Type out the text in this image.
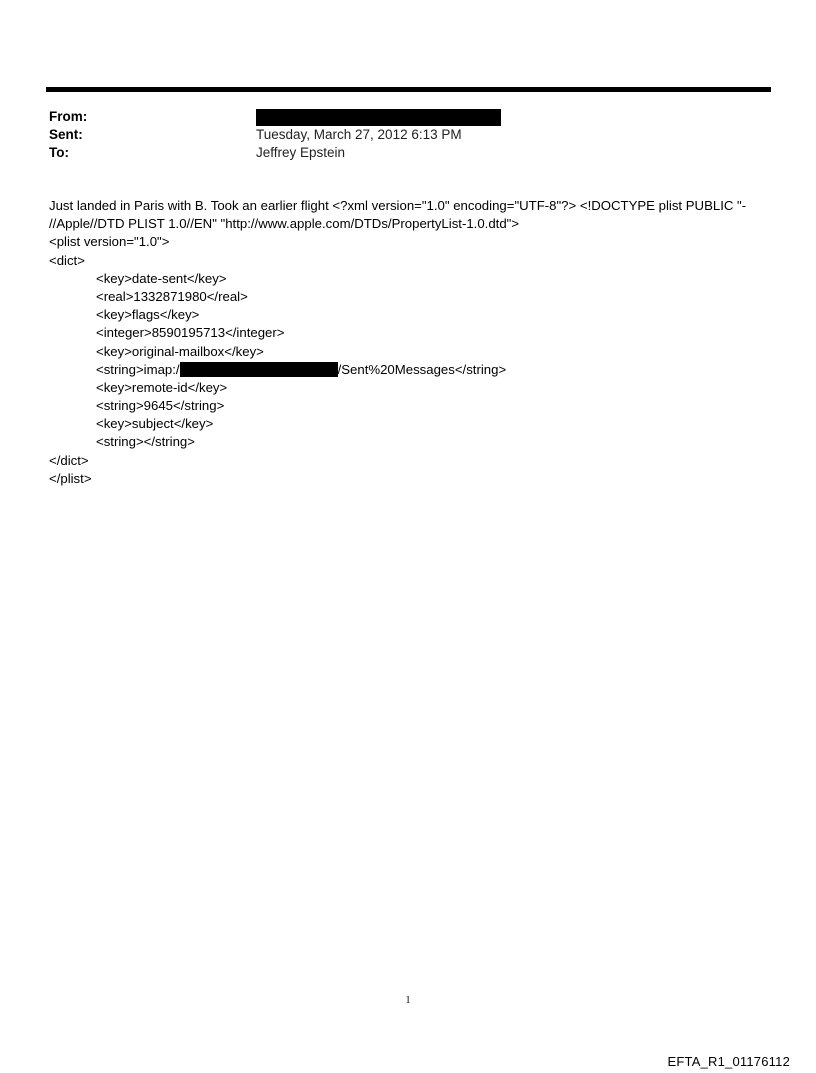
From:
Sent:	Tuesday, March 27, 2012 6:13 PM
To:	Jeffrey Epstein
Just landed in Paris with B. Took an earlier flight <?xml version="1.0" encoding="UTF-8"?> <!DOCTYPE plist PUBLIC "-
//Apple//DTD PLIST 1.0//EN" "http://www.apple.com/DTDs/PropertyList-1.0.dtd">
<plist version="1.0">
<dict>
<key>date-sent</key>
<real>1332871980</real>
<key>flags</key>
<integer>8590195713</integer>
<key>original-mailbox</key>
<string>imap:/	/Sent%20Messages</string>
<key>remote-id</key>
<string>9645</string>
<key>subject</key>
<string></string>
</dict>
</plist>
1
EFTA_R1_01176112
